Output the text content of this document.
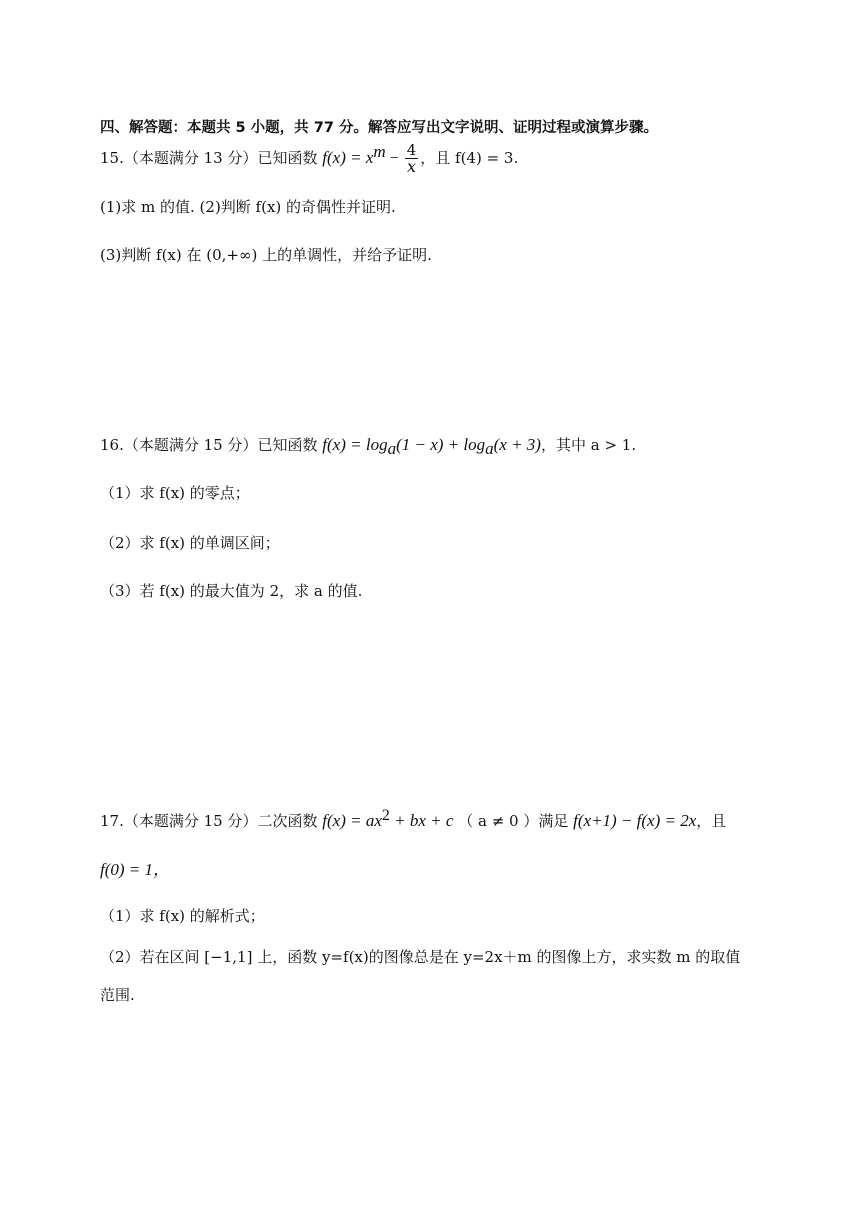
四、解答题：本题共 5 小题，共 77 分。解答应写出文字说明、证明过程或演算步骤。
15.（本题满分 13 分）已知函数 $f(x) = x^m - \frac{4}{x}$ ，且 f(4) = 3.
(1)求 m 的值. (2)判断 f(x) 的奇偶性并证明.
(3)判断 f(x) 在 (0,+∞) 上的单调性，并给予证明.
16.（本题满分 15 分）已知函数 $f(x) = \log_a(1 - x) + \log_a(x + 3)$，其中 a > 1.
（1）求 f(x) 的零点；
（2）求 f(x) 的单调区间；
（3）若 f(x) 的最大值为 2，求 a 的值.
17.（本题满分 15 分）二次函数 $f(x) = ax^2$ + bx + c （ a ≠ 0 ）满足 f(x+1) − f(x) = 2x，且
f(0) = 1，
（1）求 f(x) 的解析式；
（2）若在区间 [−1,1] 上，函数 y=f(x)的图像总是在 y=2x＋m 的图像上方，求实数 m 的取值
范围.
